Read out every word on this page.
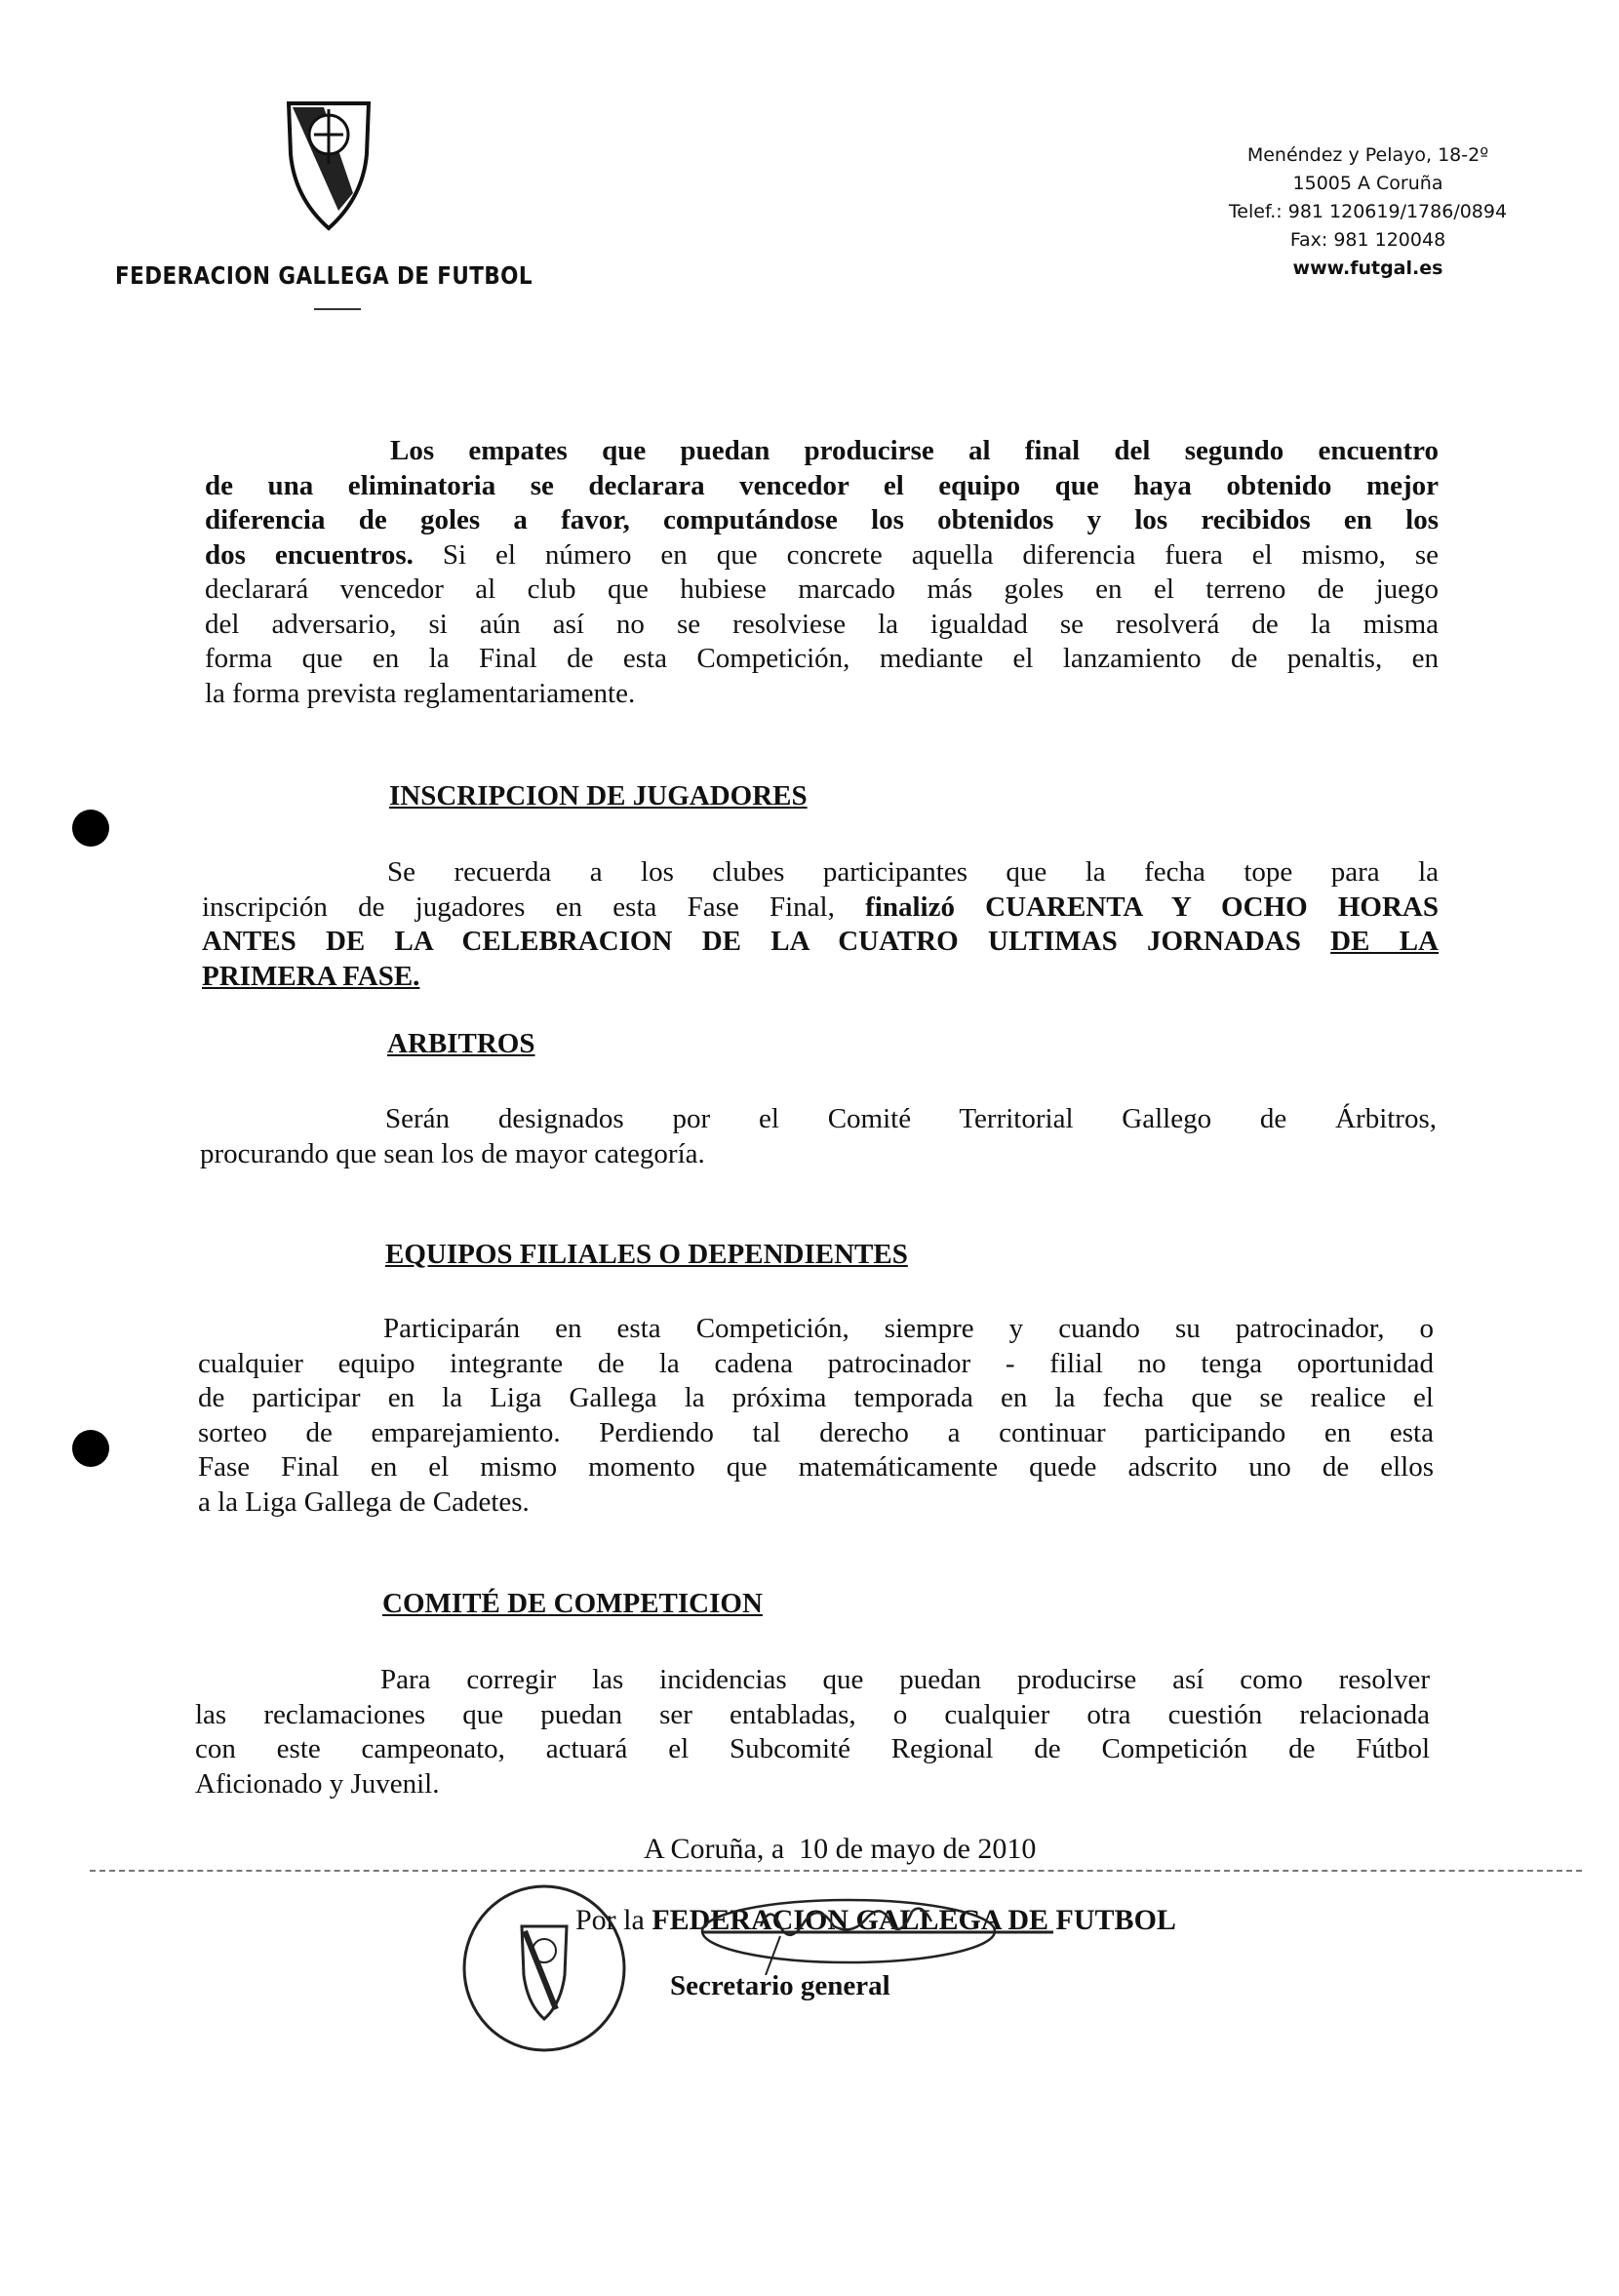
FEDERACION GALLEGA DE FUTBOL
Menéndez y Pelayo, 18-2º
15005 A Coruña
Telef.: 981 120619/1786/0894
Fax: 981 120048
www.futgal.es
Los empates que puedan producirse al final del segundo encuentro
de una eliminatoria se declarara vencedor el equipo que haya obtenido mejor
diferencia de goles a favor, computándose los obtenidos y los recibidos en los
dos encuentros. Si el número en que concrete aquella diferencia fuera el mismo, se
declarará vencedor al club que hubiese marcado más goles en el terreno de juego
del adversario, si aún así no se resolviese la igualdad se resolverá de la misma
forma que en la Final de esta Competición, mediante el lanzamiento de penaltis, en
la forma prevista reglamentariamente.
INSCRIPCION DE JUGADORES
Se recuerda a los clubes participantes que la fecha tope para la
inscripción de jugadores en esta Fase Final, finalizó CUARENTA Y OCHO HORAS
ANTES DE LA CELEBRACION DE LA CUATRO ULTIMAS JORNADAS DE LA
PRIMERA FASE.
ARBITROS
Serán designados por el Comité Territorial Gallego de Árbitros,
procurando que sean los de mayor categoría.
EQUIPOS FILIALES O DEPENDIENTES
Participarán en esta Competición, siempre y cuando su patrocinador, o
cualquier equipo integrante de la cadena patrocinador - filial no tenga oportunidad
de participar en la Liga Gallega la próxima temporada en la fecha que se realice el
sorteo de emparejamiento. Perdiendo tal derecho a continuar participando en esta
Fase Final en el mismo momento que matemáticamente quede adscrito uno de ellos
a la Liga Gallega de Cadetes.
COMITÉ DE COMPETICION
Para corregir las incidencias que puedan producirse así como resolver
las reclamaciones que puedan ser entabladas, o cualquier otra cuestión relacionada
con este campeonato, actuará el Subcomité Regional de Competición de Fútbol
Aficionado y Juvenil.
A Coruña, a  10 de mayo de 2010

Por la FEDERACION GALLEGA DE FUTBOL

Secretario general
